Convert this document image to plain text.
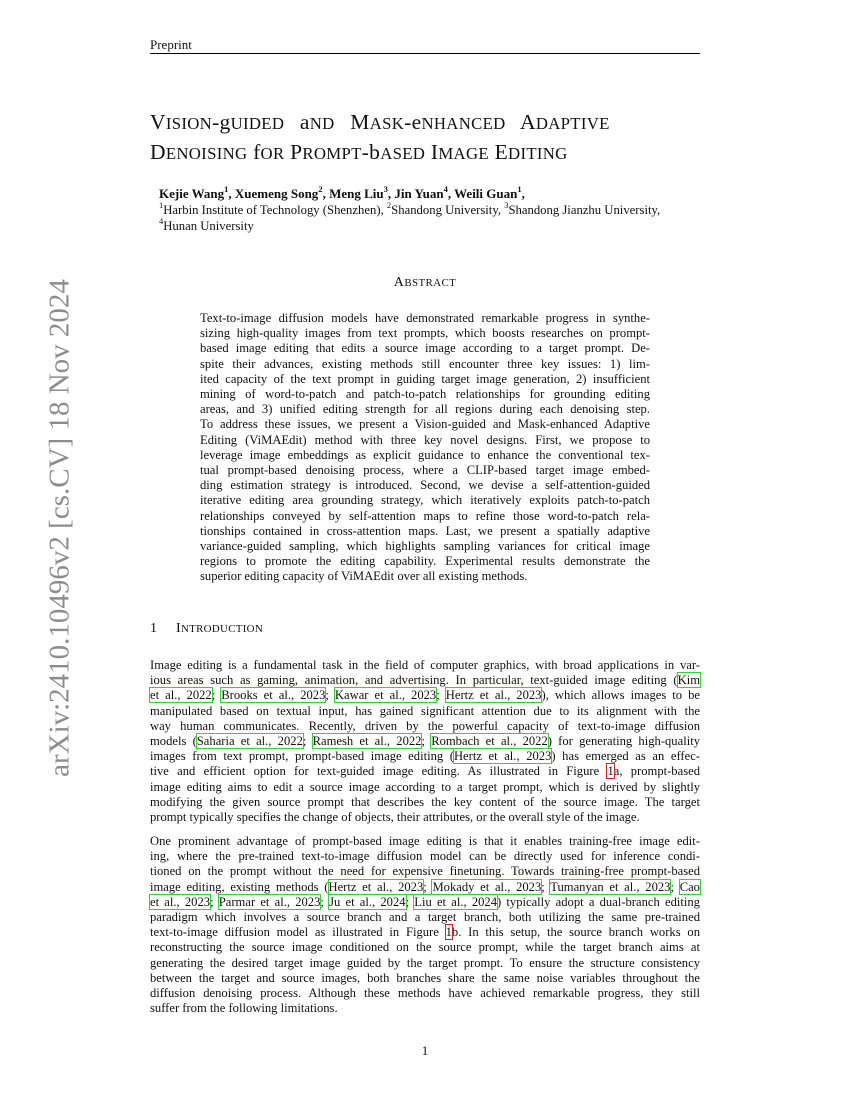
Preprint
arXiv:2410.10496v2 [cs.CV] 18 Nov 2024
VISION-gUIDED aND MASK-eNHANCED ADAPTIVE
DENOISING fOR PROMPT-bASED IMAGE EDITING
Kejie Wang$^1$, Xuemeng Song$^2$, Meng Liu$^3$, Jin Yuan$^4$, Weili Guan$^1$,
$^1$Harbin Institute of Technology (Shenzhen), $^2$Shandong University, $^3$Shandong Jianzhu University,
$^4$Hunan University
ABSTRACT
Text-to-image diffusion models have demonstrated remarkable progress in synthe-
sizing high-quality images from text prompts, which boosts researches on prompt-
based image editing that edits a source image according to a target prompt. De-
spite their advances, existing methods still encounter three key issues: 1) lim-
ited capacity of the text prompt in guiding target image generation, 2) insufficient
mining of word-to-patch and patch-to-patch relationships for grounding editing
areas, and 3) unified editing strength for all regions during each denoising step.
To address these issues, we present a Vision-guided and Mask-enhanced Adaptive
Editing (ViMAEdit) method with three key novel designs. First, we propose to
leverage image embeddings as explicit guidance to enhance the conventional tex-
tual prompt-based denoising process, where a CLIP-based target image embed-
ding estimation strategy is introduced. Second, we devise a self-attention-guided
iterative editing area grounding strategy, which iteratively exploits patch-to-patch
relationships conveyed by self-attention maps to refine those word-to-patch rela-
tionships contained in cross-attention maps. Last, we present a spatially adaptive
variance-guided sampling, which highlights sampling variances for critical image
regions to promote the editing capability. Experimental results demonstrate the
superior editing capacity of ViMAEdit over all existing methods.
1 INTRODUCTION
Image editing is a fundamental task in the field of computer graphics, with broad applications in var-
ious areas such as gaming, animation, and advertising. In particular, text-guided image editing (Kim
et al., 2022; Brooks et al., 2023; Kawar et al., 2023; Hertz et al., 2023), which allows images to be
manipulated based on textual input, has gained significant attention due to its alignment with the
way human communicates. Recently, driven by the powerful capacity of text-to-image diffusion
models (Saharia et al., 2022; Ramesh et al., 2022; Rombach et al., 2022) for generating high-quality
images from text prompt, prompt-based image editing (Hertz et al., 2023) has emerged as an effec-
tive and efficient option for text-guided image editing. As illustrated in Figure 1a, prompt-based
image editing aims to edit a source image according to a target prompt, which is derived by slightly
modifying the given source prompt that describes the key content of the source image. The target
prompt typically specifies the change of objects, their attributes, or the overall style of the image.
One prominent advantage of prompt-based image editing is that it enables training-free image edit-
ing, where the pre-trained text-to-image diffusion model can be directly used for inference condi-
tioned on the prompt without the need for expensive finetuning. Towards training-free prompt-based
image editing, existing methods (Hertz et al., 2023; Mokady et al., 2023; Tumanyan et al., 2023; Cao
et al., 2023; Parmar et al., 2023; Ju et al., 2024; Liu et al., 2024) typically adopt a dual-branch editing
paradigm which involves a source branch and a target branch, both utilizing the same pre-trained
text-to-image diffusion model as illustrated in Figure 1b. In this setup, the source branch works on
reconstructing the source image conditioned on the source prompt, while the target branch aims at
generating the desired target image guided by the target prompt. To ensure the structure consistency
between the target and source images, both branches share the same noise variables throughout the
diffusion denoising process. Although these methods have achieved remarkable progress, they still
suffer from the following limitations.
1
